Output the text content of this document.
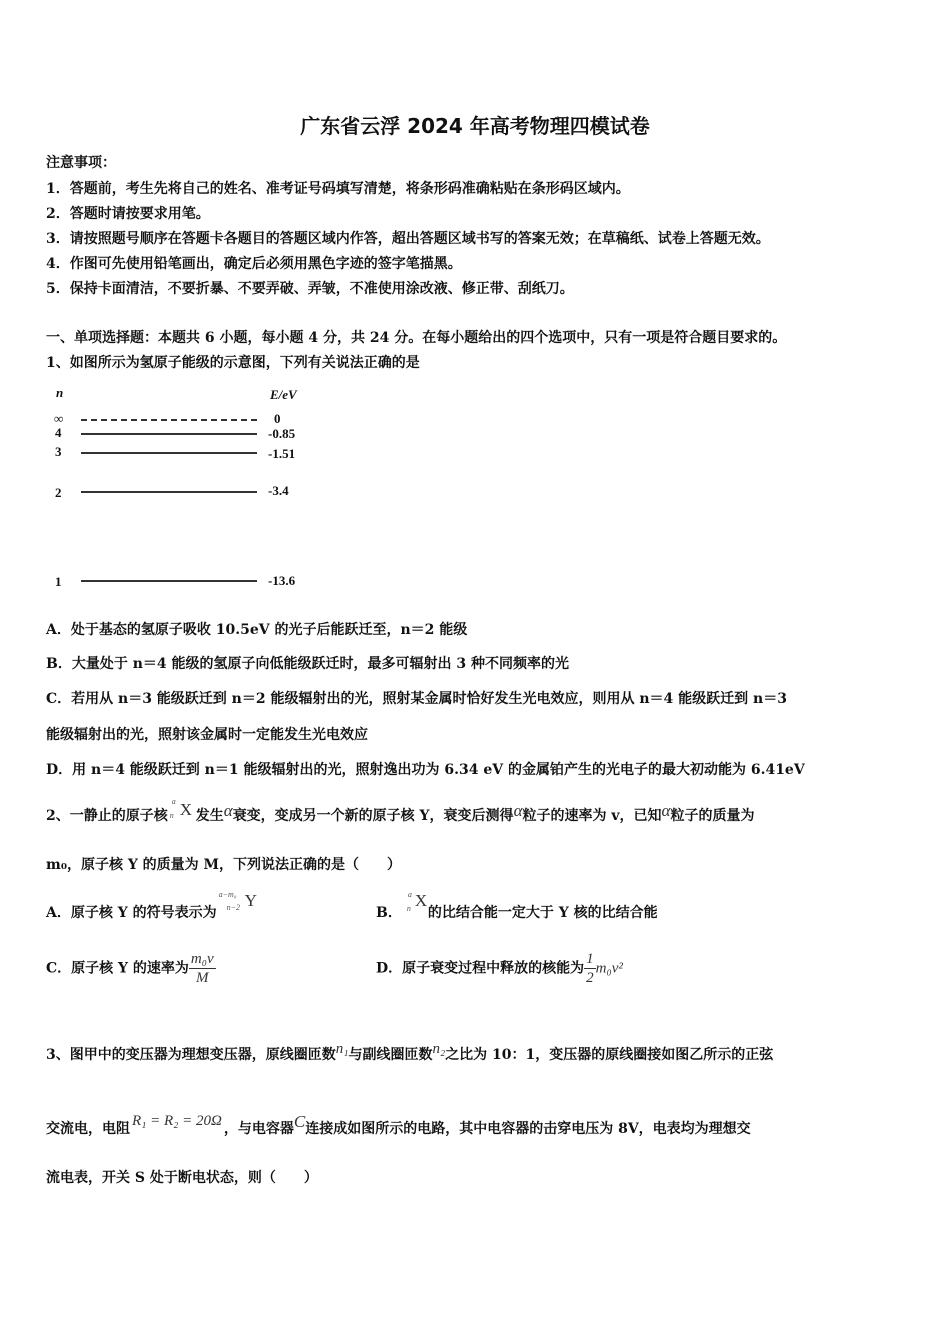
广东省云浮 2024 年高考物理四模试卷
注意事项：
1．答题前，考生先将自己的姓名、准考证号码填写清楚，将条形码准确粘贴在条形码区域内。
2．答题时请按要求用笔。
3．请按照题号顺序在答题卡各题目的答题区域内作答，超出答题区域书写的答案无效；在草稿纸、试卷上答题无效。
4．作图可先使用铅笔画出，确定后必须用黑色字迹的签字笔描黑。
5．保持卡面清洁，不要折暴、不要弄破、弄皱，不准使用涂改液、修正带、刮纸刀。
一、单项选择题：本题共 6 小题，每小题 4 分，共 24 分。在每小题给出的四个选项中，只有一项是符合题目要求的。
1、如图所示为氢原子能级的示意图，下列有关说法正确的是
n	E/eV
∞	0
4	-0.85
3	-1.51
2	-3.4
1	-13.6
A．处于基态的氢原子吸收 10.5eV 的光子后能跃迁至，n＝2 能级
B．大量处于 n＝4 能级的氢原子向低能级跃迁时，最多可辐射出 3 种不同频率的光
C．若用从 n＝3 能级跃迁到 n＝2 能级辐射出的光，照射某金属时恰好发生光电效应，则用从 n＝4 能级跃迁到 n＝3
能级辐射出的光，照射该金属时一定能发生光电效应
D．用 n＝4 能级跃迁到 n＝1 能级辐射出的光，照射逸出功为 6.34 eV 的金属铂产生的光电子的最大初动能为 6.41eV
2、一静止的原子核
a
n X 发生α衰变，变成另一个新的原子核 Y，衰变后测得α粒子的速率为 v，已知α粒子的质量为
m₀，原子核 Y 的质量为 M，下列说法正确的是（　　）
A．原子核 Y 的符号表示为
a−m₀
n−2 Y
B．
a
n X
的比结合能一定大于 Y 核的比结合能
C．原子核 Y 的速率为 $\frac{\text{m₀v}}{M}$	D．原子衰变过程中释放的核能为 $\frac{1}{2} m_0v^2$
3、图甲中的变压器为理想变压器，原线圈匝数n₁与副线圈匝数n₂之比为 10：1，变压器的原线圈接如图乙所示的正弦
交流电，电阻 R₁ = R₂ = 20Ω ，与电容器C连接成如图所示的电路，其中电容器的击穿电压为 8V，电表均为理想交
流电表，开关 S 处于断电状态，则（　　）
